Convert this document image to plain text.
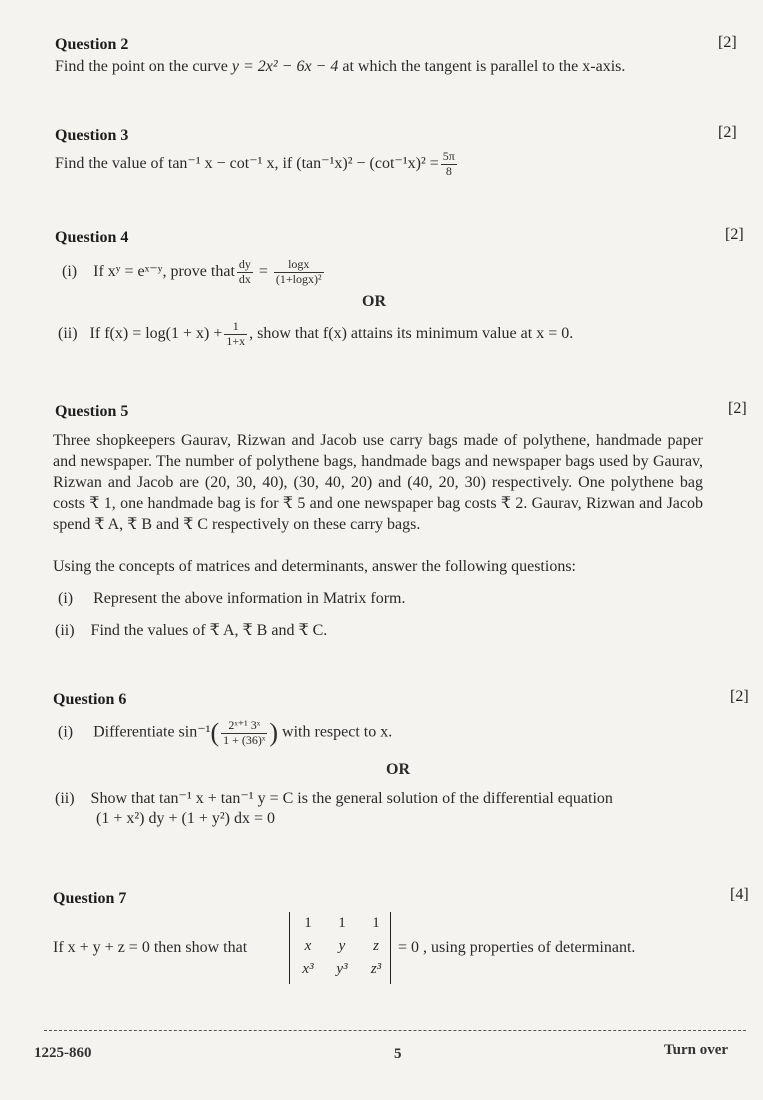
Question 2	[2]
Find the point on the curve y = 2x² − 6x − 4 at which the tangent is parallel to the x-axis.
Question 3	[2]
Find the value of tan⁻¹ x − cot⁻¹ x, if $(\tan^{-1}x)^2 - (\cot^{-1}x)^2 = \frac{5\pi}{8}$
Question 4	[2]
(i) If xʸ = eˣ⁻ʸ, prove that $\frac{dy}{dx} = \frac{\log x}{\text{(1+logx)²}}$
OR
(ii) If $f(x) = \log(1 + x) + \frac{1}{1+x}$ , show that f(x) attains its minimum value at x = 0.
Question 5	[2]
Three shopkeepers Gaurav, Rizwan and Jacob use carry bags made of polythene, handmade paper and newspaper. The number of polythene bags, handmade bags and newspaper bags used by Gaurav, Rizwan and Jacob are (20, 30, 40), (30, 40, 20) and (40, 20, 30) respectively. One polythene bag costs ₹ 1, one handmade bag is for ₹ 5 and one newspaper bag costs ₹ 2. Gaurav, Rizwan and Jacob spend ₹ A, ₹ B and ₹ C respectively on these carry bags.
Using the concepts of matrices and determinants, answer the following questions:
(i) Represent the above information in Matrix form.
(ii) Find the values of ₹ A, ₹ B and ₹ C.
Question 6	[2]
(i) Differentiate $\sin^{-1}( \frac{\text{2ˣ⁺¹ 3ˣ}}{\text{1 + (36)ˣ}}$ ) with respect to x.
OR
(ii) Show that tan⁻¹ x + tan⁻¹ y = C is the general solution of the differential equation
(1 + x²) dy + (1 + y²) dx = 0
Question 7	[4]
If x + y + z = 0 then show that
1	1	1
x	y	z
x³	y³	z³
= 0 , using properties of determinant.
1225-860	5	Turn over
